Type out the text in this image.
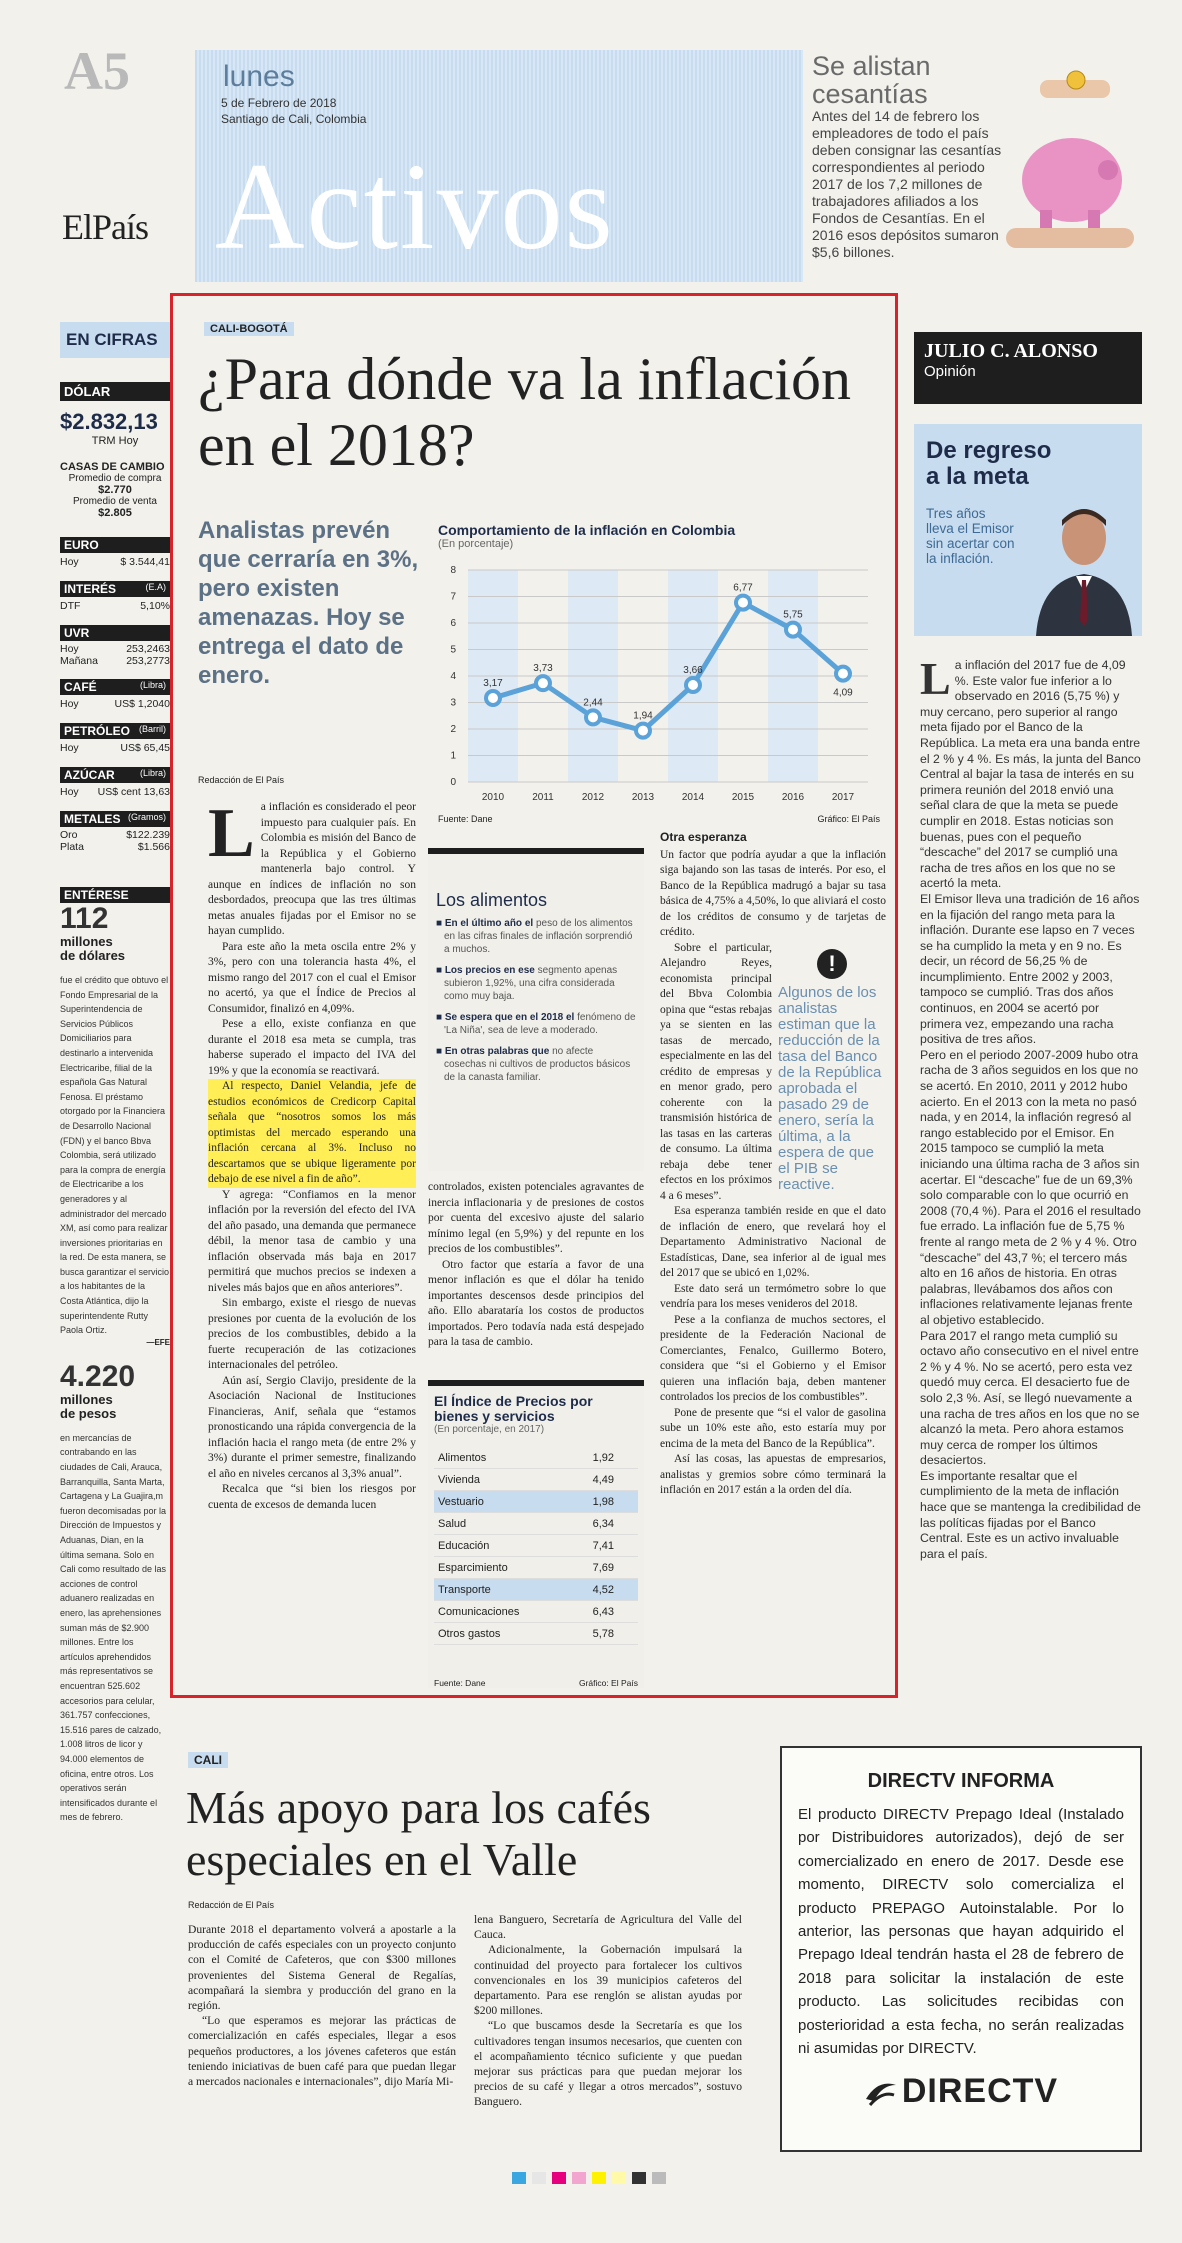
A5
ElPaís
lunes
5 de Febrero de 2018
Santiago de Cali, Colombia
Activos
Se alistan cesantías
Antes del 14 de febrero los empleadores de todo el país deben consignar las cesantías correspondientes al periodo 2017 de los 7,2 millones de trabajadores afiliados a los Fondos de Cesantías. En el 2016 esos depósitos sumaron $5,6 billones.
EN CIFRAS
DÓLAR
$2.832,13
TRM Hoy
CASAS DE CAMBIO
Promedio de compra
$2.770
Promedio de venta
$2.805
EURO
Hoy	$ 3.544,41
INTERÉS	(E.A)
DTF	5,10%
UVR
Hoy	253,2463
Mañana	253,2773
CAFÉ	(Libra)
Hoy	US$ 1,2040
PETRÓLEO (Barril)
Hoy	US$ 65,45
AZÚCAR	(Libra)
Hoy US$ cent 13,63
METALES (Gramos)
Oro	$122.239
Plata	$1.566
ENTÉRESE
112
millones de dólares
fue el crédito que obtuvo el Fondo Empresarial de la Superintendencia de Servicios Públicos Domiciliarios para destinarlo a intervenida Electricaribe, filial de la española Gas Natural Fenosa. El préstamo otorgado por la Financiera de Desarrollo Nacional (FDN) y el banco Bbva Colombia, será utilizado para la compra de energía de Electricaribe a los generadores y al administrador del mercado XM, así como para realizar inversiones prioritarias en la red. De esta manera, se busca garantizar el servicio a los habitantes de la Costa Atlántica, dijo la superintendente Rutty Paola Ortiz.
—EFE
4.220
millones de pesos
en mercancías de contrabando en las ciudades de Cali, Arauca, Barranquilla, Santa Marta, Cartagena y La Guajira,m fueron decomisadas por la Dirección de Impuestos y Aduanas, Dian, en la última semana. Solo en Cali como resultado de las acciones de control aduanero realizadas en enero, las aprehensiones suman más de $2.900 millones. Entre los artículos aprehendidos más representativos se encuentran 525.602 accesorios para celular, 361.757 confecciones, 15.516 pares de calzado, 1.008 litros de licor y 94.000 elementos de oficina, entre otros. Los operativos serán intensificados durante el mes de febrero.
CALI-BOGOTÁ
¿Para dónde va la inflación en el 2018?
Analistas prevén que cerraría en 3%, pero existen amenazas. Hoy se entrega el dato de enero.
Redacción de El País
Comportamiento de la inflación en Colombia
(En porcentaje)
0
1
2
3
4
5
6
7
8
2010	2011	2012	2013	2014	2015	2016	2017
3,17
3,73
2,44
1,94
3,66
6,77
5,75
4,09
Fuente: Dane	Gráfico: El País
L a inflación es considerado el peor impuesto para cualquier país. En Colombia es misión del Banco de la República y el Gobierno mantenerla bajo control. Y aunque en índices de inflación no son desbordados, preocupa que las tres últimas metas anuales fijadas por el Emisor no se hayan cumplido.

Para este año la meta oscila entre 2% y 3%, pero con una tolerancia hasta 4%, el mismo rango del 2017 con el cual el Emisor no acertó, ya que el Índice de Precios al Consumidor, finalizó en 4,09%.

Pese a ello, existe confianza en que durante el 2018 esa meta se cumpla, tras haberse superado el impacto del IVA del 19% y que la economía se reactivará.

Al respecto, Daniel Velandia, jefe de estudios económicos de Credicorp Capital señala que “nosotros somos los más optimistas del mercado esperando una inflación cercana al 3%. Incluso no descartamos que se ubique ligeramente por debajo de ese nivel a fin de año”.

Y agrega: “Confiamos en la menor inflación por la reversión del efecto del IVA del año pasado, una demanda que permanece débil, la menor tasa de cambio y una inflación observada más baja en 2017 permitirá que muchos precios se indexen a niveles más bajos que en años anteriores”.

Sin embargo, existe el riesgo de nuevas presiones por cuenta de la evolución de los precios de los combustibles, debido a la fuerte recuperación de las cotizaciones internacionales del petróleo.

Aún así, Sergio Clavijo, presidente de la Asociación Nacional de Instituciones Financieras, Anif, señala que “estamos pronosticando una rápida convergencia de la inflación hacia el rango meta (de entre 2% y 3%) durante el primer semestre, finalizando el año en niveles cercanos al 3,3% anual”.

Recalca que “si bien los riesgos por cuenta de excesos de demanda lucen

Los alimentos
■ En el último año el peso de los alimentos en las cifras finales de inflación sorprendió a muchos.
■ Los precios en ese segmento apenas subieron 1,92%, una cifra considerada como muy baja.
■ Se espera que en el 2018 el fenómeno de 'La Niña', sea de leve a moderado.
■ En otras palabras que no afecte cosechas ni cultivos de productos básicos de la canasta familiar.

controlados, existen potenciales agravantes de inercia inflacionaria y de presiones de costos por cuenta del excesivo ajuste del salario mínimo legal (en 5,9%) y del repunte en los precios de los combustibles”.

Otro factor que estaría a favor de una menor inflación es que el dólar ha tenido importantes descensos desde principios del año. Ello abarataría los costos de productos importados. Pero todavía nada está despejado para la tasa de cambio.

El Índice de Precios por bienes y servicios
(En porcentaje, en 2017)
Alimentos	1,92
Vivienda	4,49
Vestuario	1,98
Salud	6,34
Educación	7,41
Esparcimiento	7,69
Transporte	4,52
Comunicaciones	6,43
Otros gastos	5,78
Fuente: Dane	Gráfico: El País
Otra esperanza

Un factor que podría ayudar a que la inflación siga bajando son las tasas de interés. Por eso, el Banco de la República madrugó a bajar su tasa básica de 4,75% a 4,50%, lo que aliviará el costo de los créditos de consumo y de tarjetas de crédito.

!
Algunos de los analistas estiman que la reducción de la tasa del Banco de la República aprobada el pasado 29 de enero, sería la última, a la espera de que el PIB se reactive.

Sobre el particular, Alejandro Reyes, economista principal del Bbva Colombia opina que “estas rebajas ya se sienten en las tasas de mercado, especialmente en las del crédito de empresas y en menor grado, pero coherente con la transmisión histórica de las tasas en las carteras de consumo. La última rebaja debe tener efectos en los próximos 4 a 6 meses”.

Esa esperanza también reside en que el dato de inflación de enero, que revelará hoy el Departamento Administrativo Nacional de Estadísticas, Dane, sea inferior al de igual mes del 2017 que se ubicó en 1,02%.

Este dato será un termómetro sobre lo que vendría para los meses venideros del 2018.

Pese a la confianza de muchos sectores, el presidente de la Federación Nacional de Comerciantes, Fenalco, Guillermo Botero, considera que “si el Gobierno y el Emisor quieren una inflación baja, deben mantener controlados los precios de los combustibles”.

Pone de presente que “si el valor de gasolina sube un 10% este año, esto estaría muy por encima de la meta del Banco de la República”.

Así las cosas, las apuestas de empresarios, analistas y gremios sobre cómo terminará la inflación en 2017 están a la orden del día.

JULIO C. ALONSO
Opinión
De regreso a la meta
Tres años lleva el Emisor sin acertar con la inflación.
L a inflación del 2017 fue de 4,09 %. Este valor fue inferior a lo observado en 2016 (5,75 %) y muy cercano, pero superior al rango meta fijado por el Banco de la República. La meta era una banda entre el 2 % y 4 %. Es más, la junta del Banco Central al bajar la tasa de interés en su primera reunión del 2018 envió una señal clara de que la meta se puede cumplir en 2018. Estas noticias son buenas, pues con el pequeño “descache” del 2017 se cumplió una racha de tres años en los que no se acertó la meta.

El Emisor lleva una tradición de 16 años en la fijación del rango meta para la inflación. Durante ese lapso en 7 veces se ha cumplido la meta y en 9 no. Es decir, un récord de 56,25 % de incumplimiento. Entre 2002 y 2003, tampoco se cumplió. Tras dos años continuos, en 2004 se acertó por primera vez, empezando una racha positiva de tres años.

Pero en el periodo 2007-2009 hubo otra racha de 3 años seguidos en los que no se acertó. En 2010, 2011 y 2012 hubo acierto. En el 2013 con la meta no pasó nada, y en 2014, la inflación regresó al rango establecido por el Emisor. En 2015 tampoco se cumplió la meta iniciando una última racha de 3 años sin acertar. El “descache” fue de un 69,3% solo comparable con lo que ocurrió en 2008 (70,4 %). Para el 2016 el resultado fue errado. La inflación fue de 5,75 % frente al rango meta de 2 % y 4 %. Otro “descache” del 43,7 %; el tercero más alto en 16 años de historia. En otras palabras, llevábamos dos años con inflaciones relativamente lejanas frente al objetivo establecido.

Para 2017 el rango meta cumplió su octavo año consecutivo en el nivel entre 2 % y 4 %. No se acertó, pero esta vez quedó muy cerca. El desacierto fue de solo 2,3 %. Así, se llegó nuevamente a una racha de tres años en los que no se alcanzó la meta. Pero ahora estamos muy cerca de romper los últimos desaciertos.

Es importante resaltar que el cumplimiento de la meta de inflación hace que se mantenga la credibilidad de las políticas fijadas por el Banco Central. Este es un activo invaluable para el país.

CALI
Más apoyo para los cafés especiales en el Valle
Redacción de El País

Durante 2018 el departamento volverá a apostarle a la producción de cafés especiales con un proyecto conjunto con el Comité de Cafeteros, que con $300 millones provenientes del Sistema General de Regalías, acompañará la siembra y producción del grano en la región.

“Lo que esperamos es mejorar las prácticas de comercialización en cafés especiales, llegar a esos pequeños productores, a los jóvenes cafeteros que están teniendo iniciativas de buen café para que puedan llegar a mercados nacionales e internacionales”, dijo María Mi-

lena Banguero, Secretaría de Agricultura del Valle del Cauca.

Adicionalmente, la Gobernación impulsará la continuidad del proyecto para fortalecer los cultivos convencionales en los 39 municipios cafeteros del departamento. Para ese renglón se alistan ayudas por $200 millones.

“Lo que buscamos desde la Secretaría es que los cultivadores tengan insumos necesarios, que cuenten con el acompañamiento técnico suficiente y que puedan mejorar sus prácticas para que puedan mejorar los precios de su café y llegar a otros mercados”, sostuvo Banguero.

DIRECTV INFORMA
El producto DIRECTV Prepago Ideal (Instalado por Distribuidores autorizados), dejó de ser comercializado en enero de 2017. Desde ese momento, DIRECTV solo comercializa el producto PREPAGO Autoinstalable. Por lo anterior, las personas que hayan adquirido el Prepago Ideal tendrán hasta el 28 de febrero de 2018 para solicitar la instalación de este producto. Las solicitudes recibidas con posterioridad a esta fecha, no serán realizadas ni asumidas por DIRECTV.
DIRECTV
